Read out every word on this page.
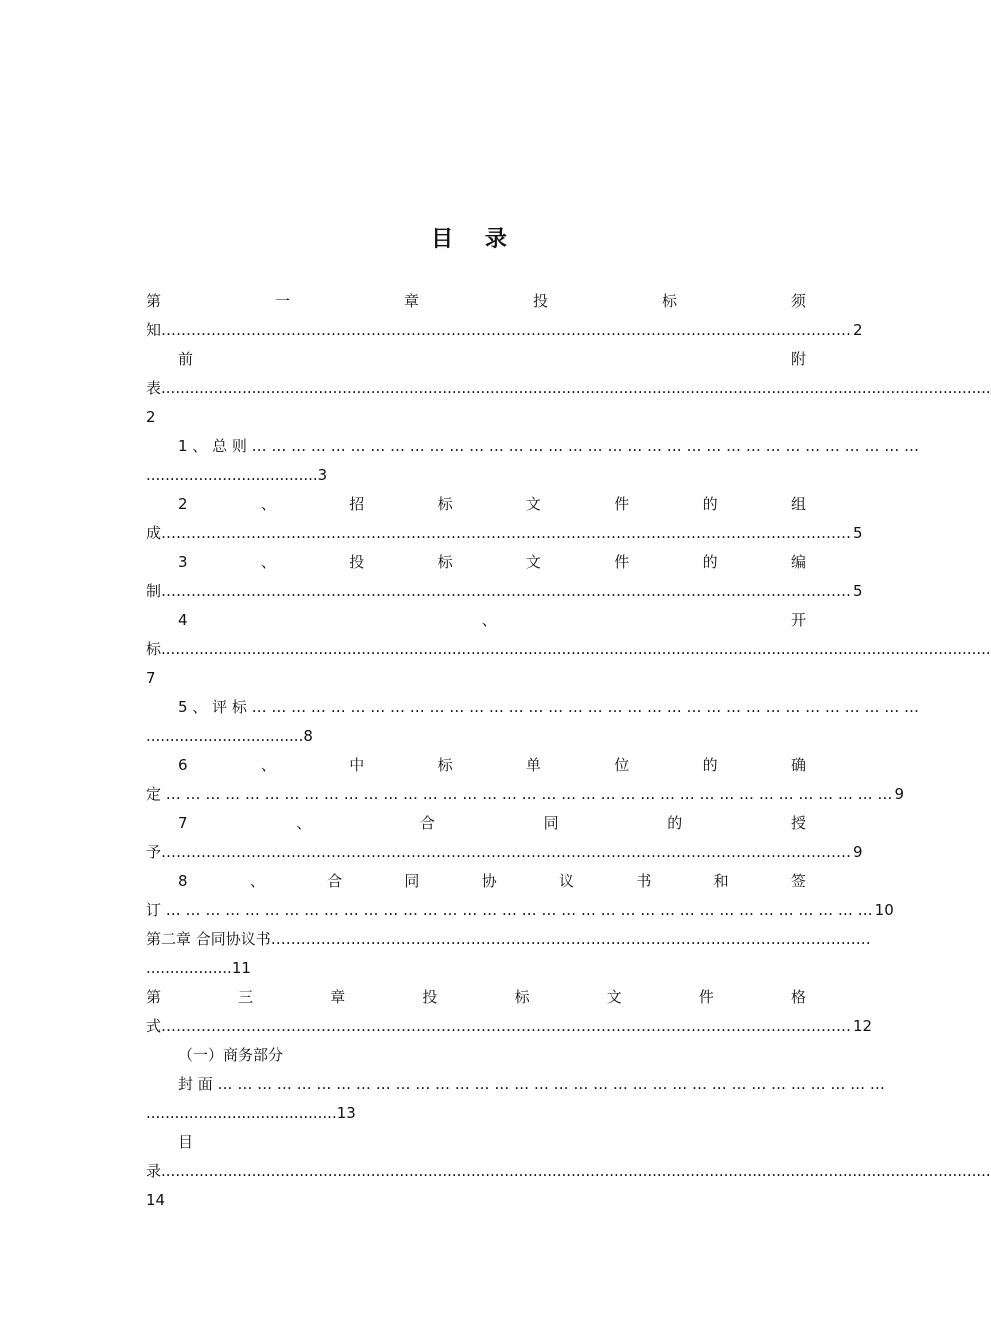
目 录
第	一	章	投	标	须
知 ………………………………………………………………………………………………………………………… 2
前	附
表 ..............................................................................................................................................................................
2
1 、 总 则 … … … … … … … … … … … … … … … … … … … … … … … … … … … … … … … … … …
....................................3
2	、	招	标	文	件	的	组
成 ………………………………………………………………………………………………………………………… 5
3	、	投	标	文	件	的	编
制 ………………………………………………………………………………………………………………………… 5
4	、	开
标 ..............................................................................................................................................................................
7
5 、 评 标 … … … … … … … … … … … … … … … … … … … … … … … … … … … … … … … … … …
.................................8
6	、	中	标	单	位	的	确
定 … … … … … … … … … … … … … … … … … … … … … … … … … … … … … … … … … … … … … 9
7	、	合	同	的	授
予 ………………………………………………………………………………………………………………………… 9
8	、	合	同	协	议	书	和	签
订 … … … … … … … … … … … … … … … … … … … … … … … … … … … … … … … … … … … … 10
第二章 合同协议书 …………………………………………………………………………………………………………
..................11
第	三	章	投	标	文	件	格
式 ………………………………………………………………………………………………………………………… 12
（一）商务部分
封 面 … … … … … … … … … … … … … … … … … … … … … … … … … … … … … … … … … …
........................................13
目
录 ..............................................................................................................................................................................
14
